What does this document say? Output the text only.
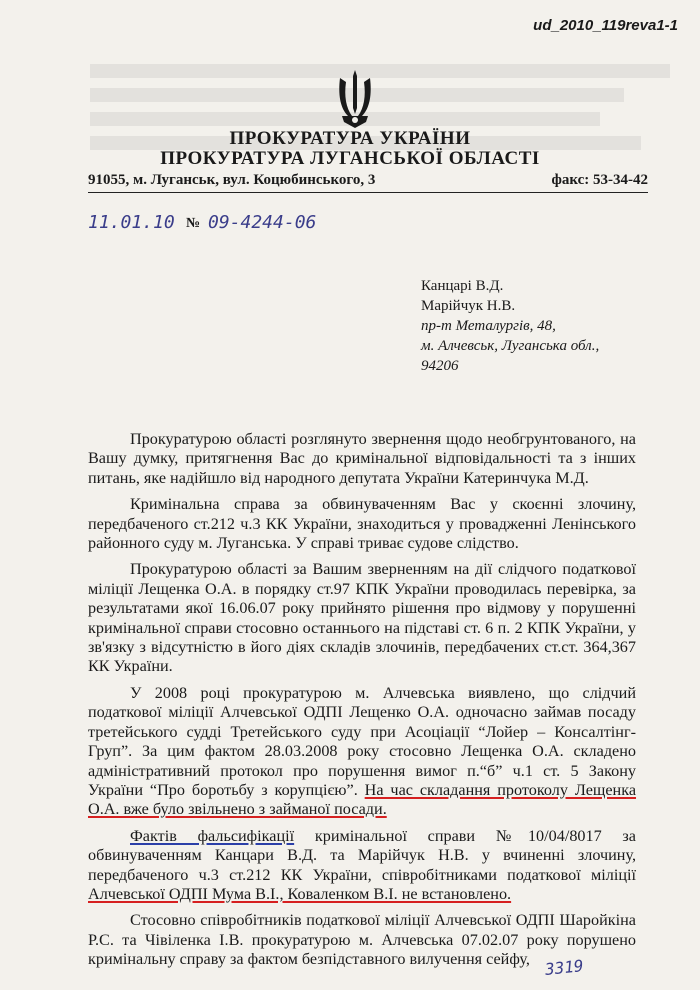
ud_2010_119reva1-1
ПРОКУРАТУРА УКРАЇНИ
ПРОКУРАТУРА ЛУГАНСЬКОЇ ОБЛАСТІ
91055, м. Луганськ, вул. Коцюбинського, 3	факс: 53-34-42
11.01.10 № 09-4244-06
Канцарі В.Д.
Марійчук Н.В.
пр-т Металургів, 48,
м. Алчевськ, Луганська обл.,
94206

Прокуратурою області розглянуто звернення щодо необгрунтованого, на Вашу думку, притягнення Вас до кримінальної відповідальності та з інших питань, яке надійшло від народного депутата України Катеринчука М.Д.

Кримінальна справа за обвинуваченням Вас у скоєнні злочину, передбаченого ст.212 ч.3 КК України, знаходиться у провадженні Ленінського районного суду м. Луганська. У справі триває судове слідство.

Прокуратурою області за Вашим зверненням на дії слідчого податкової міліції Лещенка О.А. в порядку ст.97 КПК України проводилась перевірка, за результатами якої 16.06.07 року прийнято рішення про відмову у порушенні кримінальної справи стосовно останнього на підставі ст. 6 п. 2 КПК України, у зв'язку з відсутністю в його діях складів злочинів, передбачених ст.ст. 364,367 КК України.

У 2008 році прокуратурою м. Алчевська виявлено, що слідчий податкової міліції Алчевської ОДПІ Лещенко О.А. одночасно займав посаду третейського судді Третейського суду при Асоціації “Лойер – Консалтінг-Груп”. За цим фактом 28.03.2008 року стосовно Лещенка О.А. складено адміністративний протокол про порушення вимог п.“б” ч.1 ст. 5 Закону України “Про боротьбу з корупцією”. На час складання протоколу Лещенка О.А. вже було звільнено з займаної посади.

Фактів фальсифікації кримінальної справи №10/04/8017 за обвинуваченням Канцари В.Д. та Марійчук Н.В. у вчиненні злочину, передбаченого ч.3 ст.212 КК України, співробітниками податкової міліції Алчевської ОДПІ Мума В.І., Коваленком В.І. не встановлено.

Стосовно співробітників податкової міліції Алчевської ОДПІ Шаройкіна Р.С. та Чівіленка І.В. прокуратурою м. Алчевська 07.02.07 року порушено кримінальну справу за фактом безпідставного вилучення сейфу, 3319
